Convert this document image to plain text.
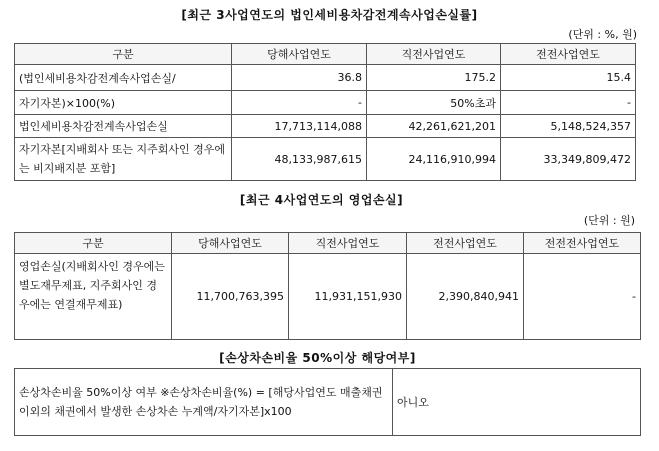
[최근 3사업연도의 법인세비용차감전계속사업손실률]
(단위 : %, 원)
구분	당해사업연도	직전사업연도	전전사업연도
(법인세비용차감전계속사업손실/	36.8	175.2	15.4
자기자본)×100(%)	-	50%초과	-
법인세비용차감전계속사업손실	17,713,114,088	42,261,621,201	5,148,524,357
자기자본[지배회사 또는 지주회사인 경우에는 비지배지분 포함]	48,133,987,615	24,116,910,994	33,349,809,472
[최근 4사업연도의 영업손실]
(단위 : 원)
구분	당해사업연도	직전사업연도	전전사업연도	전전전사업연도
영업손실(지배회사인 경우에는 별도재무제표, 지주회사인 경우에는 연결재무제표)	11,700,763,395	11,931,151,930	2,390,840,941	-
[손상차손비율 50%이상 해당여부]
손상차손비율 50%이상 여부 ※손상차손비율(%) = [해당사업연도 매출채권이외의 채권에서 발생한 손상차손 누계액/자기자본]x100	아니오
